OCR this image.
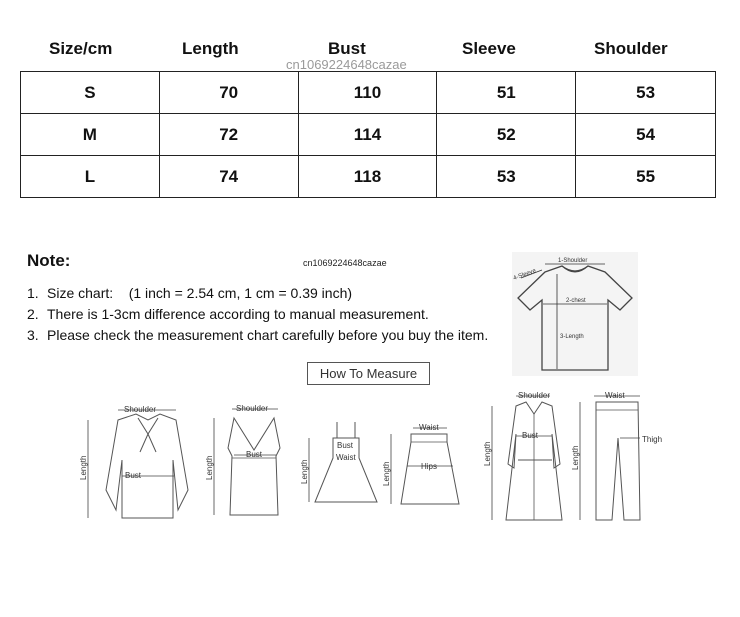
Size/cm	Length	Bust	Sleeve	Shoulder
cn1069224648cazae
S	70	110	51	53
M	72	114	52	54
L	74	118	53	55
Note:	cn1069224648cazae
1. Size chart:    (1 inch = 2.54 cm, 1 cm = 0.39 inch)
2. There is 1-3cm difference according to manual measurement.
3. Please check the measurement chart carefully before you buy the item.
1-Shoulder
4-Sleeve
2-chest
3-Length
How To Measure
Shoulder
Bust
Length
Shoulder
Bust
Length
Bust
Waist
Length
Waist
Hips
Length
Shoulder
Bust
Length
Waist
Thigh
Length
